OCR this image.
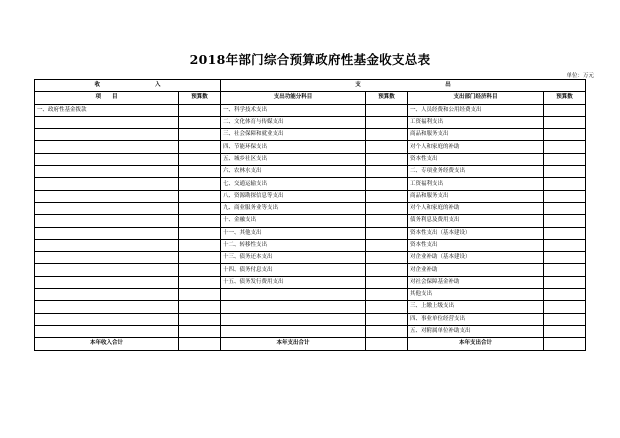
2018年部门综合预算政府性基金收支总表
单位：万元
收 入		支 出			

项　　目	预算数	支出功能分科目	预算数	支出部门经济科目	预算数
一、政府性基金拨款		一、科学技术支出		一、人员经费和公用经费支出	
		二、文化体育与传媒支出		工资福利支出	
		三、社会保障和就业支出		商品和服务支出	
		四、节能环保支出		对个人和家庭的补助	
		五、城乡社区支出		资本性支出	
		六、农林水支出		二、专项业务经费支出	
		七、交通运输支出		工资福利支出	
		八、资源勘探信息等支出		商品和服务支出	
		九、商业服务业等支出		对个人和家庭的补助	
		十、金融支出		债务利息及费用支出	
		十一、其他支出		资本性支出（基本建设）	
		十二、转移性支出		资本性支出	
		十三、债务还本支出		对企业补助（基本建设）	
		十四、债务付息支出		对企业补助	
		十五、债务发行费用支出		对社会保障基金补助	
				其他支出	
				三、上缴上级支出	
				四、事业单位经营支出	
				五、对附属单位补助支出	
本年收入合计		本年支出合计		本年支出合计	
